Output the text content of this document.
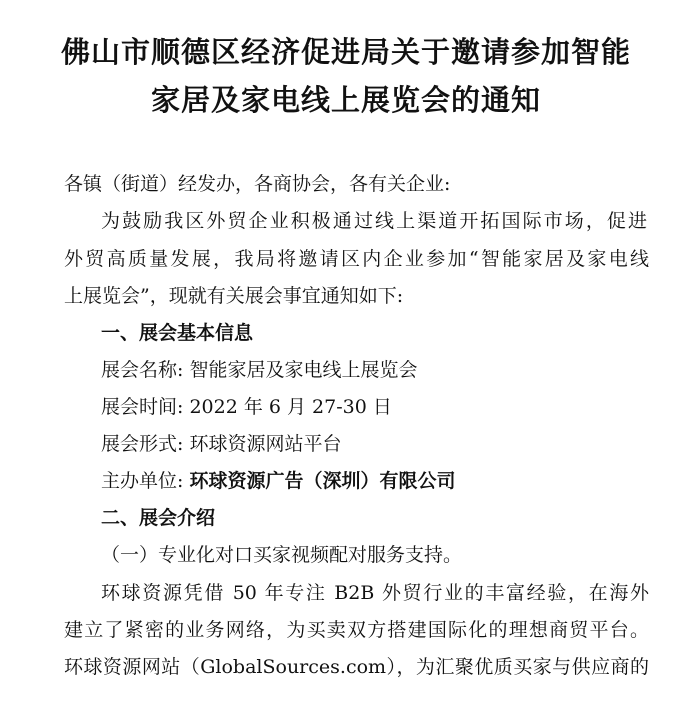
佛山市顺德区经济促进局关于邀请参加智能
家居及家电线上展览会的通知

各镇（街道）经发办，各商协会，各有关企业:

为鼓励我区外贸企业积极通过线上渠道开拓国际市场，促进

外贸高质量发展，我局将邀请区内企业参加“智能家居及家电线

上展览会”，现就有关展会事宜通知如下:

一、展会基本信息

展会名称: 智能家居及家电线上展览会

展会时间: 2022 年 6 月 27-30 日

展会形式: 环球资源网站平台

主办单位: 环球资源广告（深圳）有限公司

二、展会介绍

（一）专业化对口买家视频配对服务支持。

环球资源凭借 50 年专注 B2B 外贸行业的丰富经验，在海外

建立了紧密的业务网络，为买卖双方搭建国际化的理想商贸平台。

环球资源网站（GlobalSources.com），为汇聚优质买家与供应商的
